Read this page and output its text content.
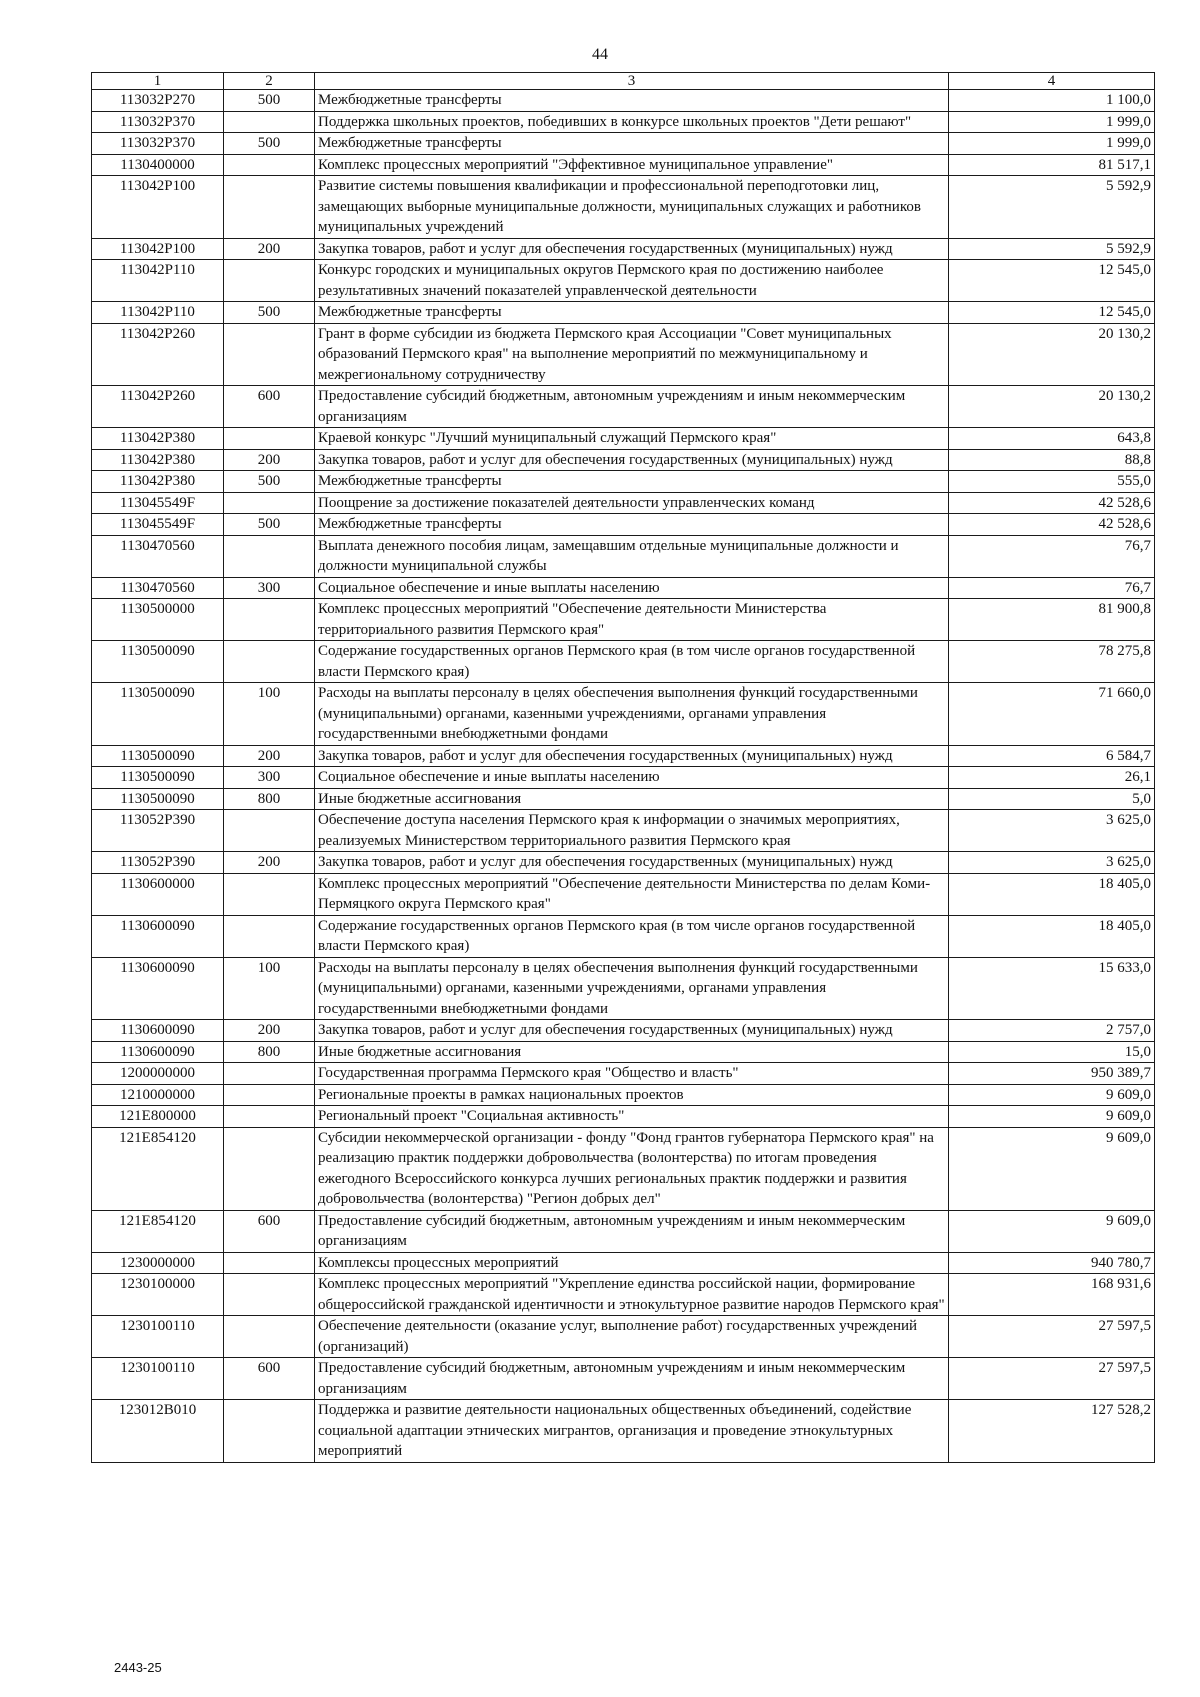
44
1	2	3	4
113032P270	500	Межбюджетные трансферты	1 100,0
113032P370		Поддержка школьных проектов, победивших в конкурсе школьных проектов "Дети решают"	1 999,0
113032P370	500	Межбюджетные трансферты	1 999,0
1130400000		Комплекс процессных мероприятий "Эффективное муниципальное управление"	81 517,1
113042P100		Развитие системы повышения квалификации и профессиональной переподготовки лиц, замещающих выборные муниципальные должности, муниципальных служащих и работников муниципальных учреждений	5 592,9
113042P100	200	Закупка товаров, работ и услуг для обеспечения государственных (муниципальных) нужд	5 592,9
113042P110		Конкурс городских и муниципальных округов Пермского края по достижению наиболее результативных значений показателей управленческой деятельности	12 545,0
113042P110	500	Межбюджетные трансферты	12 545,0
113042P260		Грант в форме субсидии из бюджета Пермского края Ассоциации "Совет муниципальных образований Пермского края" на выполнение мероприятий по межмуниципальному и межрегиональному сотрудничеству	20 130,2
113042P260	600	Предоставление субсидий бюджетным, автономным учреждениям и иным некоммерческим организациям	20 130,2
113042P380		Краевой конкурс "Лучший муниципальный служащий Пермского края"	643,8
113042P380	200	Закупка товаров, работ и услуг для обеспечения государственных (муниципальных) нужд	88,8
113042P380	500	Межбюджетные трансферты	555,0
113045549F		Поощрение за достижение показателей деятельности управленческих команд	42 528,6
113045549F	500	Межбюджетные трансферты	42 528,6
1130470560		Выплата денежного пособия лицам, замещавшим отдельные муниципальные должности и должности муниципальной службы	76,7
1130470560	300	Социальное обеспечение и иные выплаты населению	76,7
1130500000		Комплекс процессных мероприятий "Обеспечение деятельности Министерства территориального развития Пермского края"	81 900,8
1130500090		Содержание государственных органов Пермского края (в том числе органов государственной власти Пермского края)	78 275,8
1130500090	100	Расходы на выплаты персоналу в целях обеспечения выполнения функций государственными (муниципальными) органами, казенными учреждениями, органами управления государственными внебюджетными фондами	71 660,0
1130500090	200	Закупка товаров, работ и услуг для обеспечения государственных (муниципальных) нужд	6 584,7
1130500090	300	Социальное обеспечение и иные выплаты населению	26,1
1130500090	800	Иные бюджетные ассигнования	5,0
113052P390		Обеспечение доступа населения Пермского края к информации о значимых мероприятиях, реализуемых Министерством территориального развития Пермского края	3 625,0
113052P390	200	Закупка товаров, работ и услуг для обеспечения государственных (муниципальных) нужд	3 625,0
1130600000		Комплекс процессных мероприятий "Обеспечение деятельности Министерства по делам Коми-Пермяцкого округа Пермского края"	18 405,0
1130600090		Содержание государственных органов Пермского края (в том числе органов государственной власти Пермского края)	18 405,0
1130600090	100	Расходы на выплаты персоналу в целях обеспечения выполнения функций государственными (муниципальными) органами, казенными учреждениями, органами управления государственными внебюджетными фондами	15 633,0
1130600090	200	Закупка товаров, работ и услуг для обеспечения государственных (муниципальных) нужд	2 757,0
1130600090	800	Иные бюджетные ассигнования	15,0
1200000000		Государственная программа Пермского края "Общество и власть"	950 389,7
1210000000		Региональные проекты в рамках национальных проектов	9 609,0
121E800000		Региональный проект "Социальная активность"	9 609,0
121E854120		Субсидии некоммерческой организации - фонду "Фонд грантов губернатора Пермского края" на реализацию практик поддержки добровольчества (волонтерства) по итогам проведения ежегодного Всероссийского конкурса лучших региональных практик поддержки и развития добровольчества (волонтерства) "Регион добрых дел"	9 609,0
121E854120	600	Предоставление субсидий бюджетным, автономным учреждениям и иным некоммерческим организациям	9 609,0
1230000000		Комплексы процессных мероприятий	940 780,7
1230100000		Комплекс процессных мероприятий "Укрепление единства российской нации, формирование общероссийской гражданской идентичности и этнокультурное развитие народов Пермского края"	168 931,6
1230100110		Обеспечение деятельности (оказание услуг, выполнение работ) государственных учреждений (организаций)	27 597,5
1230100110	600	Предоставление субсидий бюджетным, автономным учреждениям и иным некоммерческим организациям	27 597,5
123012В010		Поддержка и развитие деятельности национальных общественных объединений, содействие социальной адаптации этнических мигрантов, организация и проведение этнокультурных мероприятий	127 528,2
2443-25
